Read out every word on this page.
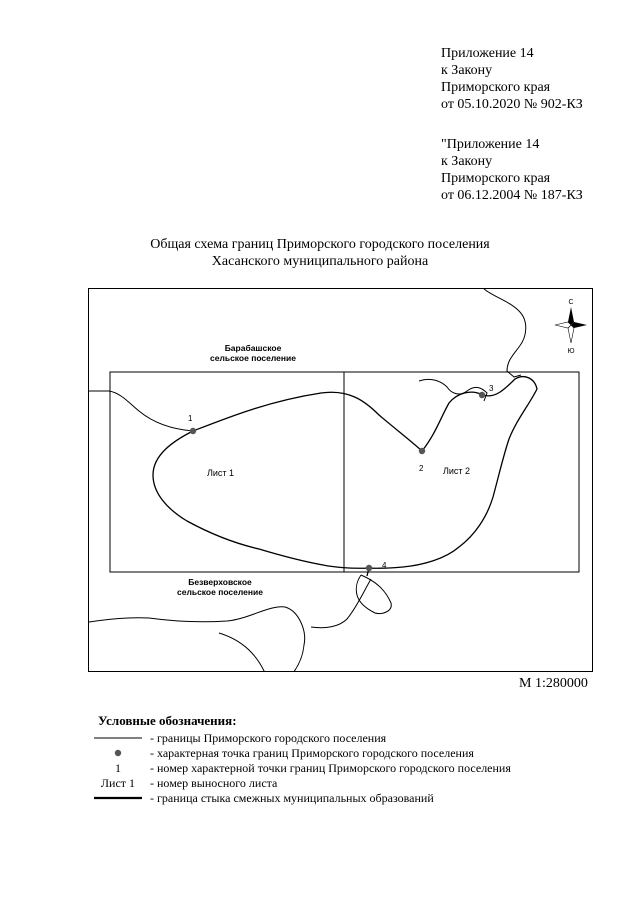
Приложение 14
к Закону
Приморского края
от 05.10.2020 № 902-КЗ
"Приложение 14
к Закону
Приморского края
от 06.12.2004 № 187-КЗ
Общая схема границ Приморского городского поселения
Хасанского муниципального района
1
2
3
4
Лист 1	Лист 2
Барабашское
сельское поселение
Безверховское
сельское поселение
С
Ю
М 1:280000
Условные обозначения:
- границы Приморского городского поселения
- характерная точка границ Приморского городского поселения
1	- номер характерной точки границ Приморского городского поселения
Лист 1	- номер выносного листа
- граница стыка смежных муниципальных образований
